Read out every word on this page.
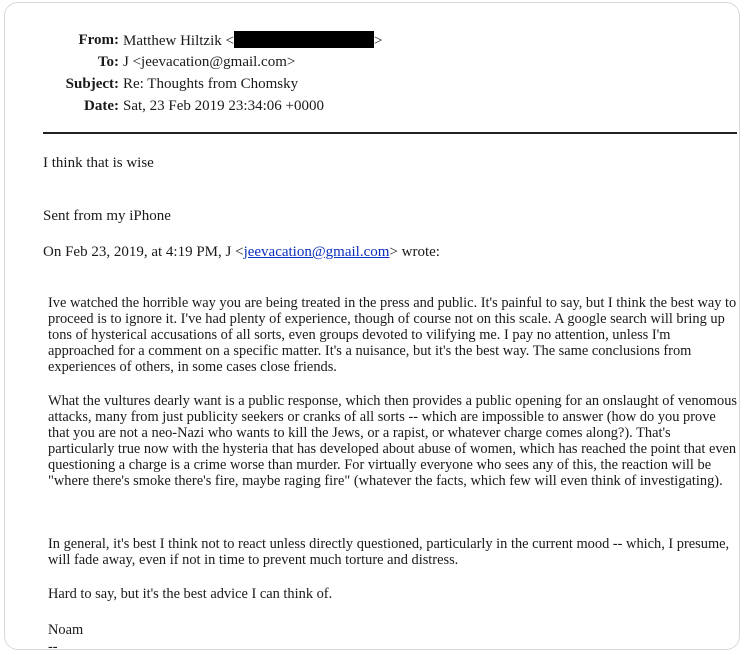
From: Matthew Hiltzik <	>
To: J <jeevacation@gmail.com>
Subject: Re: Thoughts from Chomsky
Date: Sat, 23 Feb 2019 23:34:06 +0000
I think that is wise
Sent from my iPhone
On Feb 23, 2019, at 4:19 PM, J <jeevacation@gmail.com> wrote:
Ive watched the horrible way you are being treated in the press and public. It's painful to say, but I think the best way to proceed is to ignore it. I've had plenty of experience, though of course not on this scale. A google search will bring up tons of hysterical accusations of all sorts, even groups devoted to vilifying me. I pay no attention, unless I'm approached for a comment on a specific matter. It's a nuisance, but it's the best way. The same conclusions from experiences of others, in some cases close friends.
What the vultures dearly want is a public response, which then provides a public opening for an onslaught of venomous attacks, many from just publicity seekers or cranks of all sorts -- which are impossible to answer (how do you prove that you are not a neo-Nazi who wants to kill the Jews, or a rapist, or whatever charge comes along?). That's particularly true now with the hysteria that has developed about abuse of women, which has reached the point that even questioning a charge is a crime worse than murder. For virtually everyone who sees any of this, the reaction will be "where there's smoke there's fire, maybe raging fire" (whatever the facts, which few will even think of investigating).
In general, it's best I think not to react unless directly questioned, particularly in the current mood -- which, I presume, will fade away, even if not in time to prevent much torture and distress.
Hard to say, but it's the best advice I can think of.
Noam
--
